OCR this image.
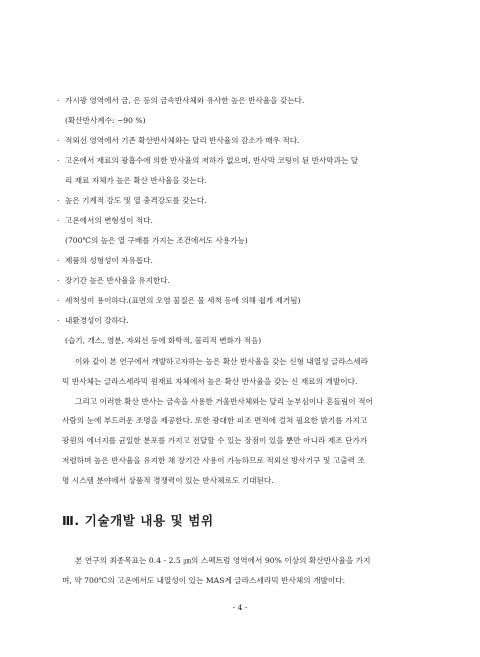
· 가시광 영역에서 금, 은 등의 금속반사체와 유사한 높은 반사율을 갖는다.
(확산반사계수: ~90 %)
· 적외선 영역에서 기존 확산반사체와는 달리 반사율의 감소가 매우 적다.
· 고온에서 재료의 광흡수에 의한 반사율의 저하가 없으며, 반사막 코팅이 된 반사막과는 달
리 재료 자체가 높은 확산 반사율을 갖는다.
· 높은 기계적 강도 및 열 충격강도를 갖는다.
· 고온에서의 변형성이 적다.
(700℃의 높은 열 구배를 가지는 조건에서도 사용가능)
· 제품의 성형성이 자유롭다.
· 장기간 높은 반사율을 유지한다.
· 세척성이 용이하다.(표면의 오염 물질은 물 세척 등에 의해 쉽게 제거됨)
· 내환경성이 강하다.
(습기, 개스, 염분, 자외선 등에 화학적, 물리적 변화가 적음)
이와 같이 본 연구에서 개발하고자하는 높은 확산 반사율을 갖는 신형 내열성 글라스세라
믹 반사체는 글라스세라믹 원재료 자체에서 높은 확산 반사율을 갖는 신 재료의 개발이다.
그리고 이러한 확산 반사는 금속을 사용한 거울반사체와는 달리 눈부심이나 혼들림이 적어
사람의 눈에 부드러운 조명을 제공한다. 또한 광대한 피조 면적에 걸쳐 필요한 밝기를 가지고
광원의 에너지를 균일한 분포를 가지고 전달할 수 있는 장점이 있을 뿐만 아니라 제조 단가가
저렴하며 높은 반사율을 유지한 채 장기간 사용이 가능하므로 적외선 방사기구 및 고출력 조
명 시스템 분야에서 상품적 경쟁력이 있는 반사체로도 기대된다.
Ⅲ. 기술개발 내용 및 범위
본 연구의 최종목표는 0.4 - 2.5 ㎛의 스펙트럼 영역에서 90% 이상의 확산반사율을 가지
며, 약 700℃의 고온에서도 내열성이 있는 MAS계 글라스세라믹 반사체의 개발이다.
- 4 -
